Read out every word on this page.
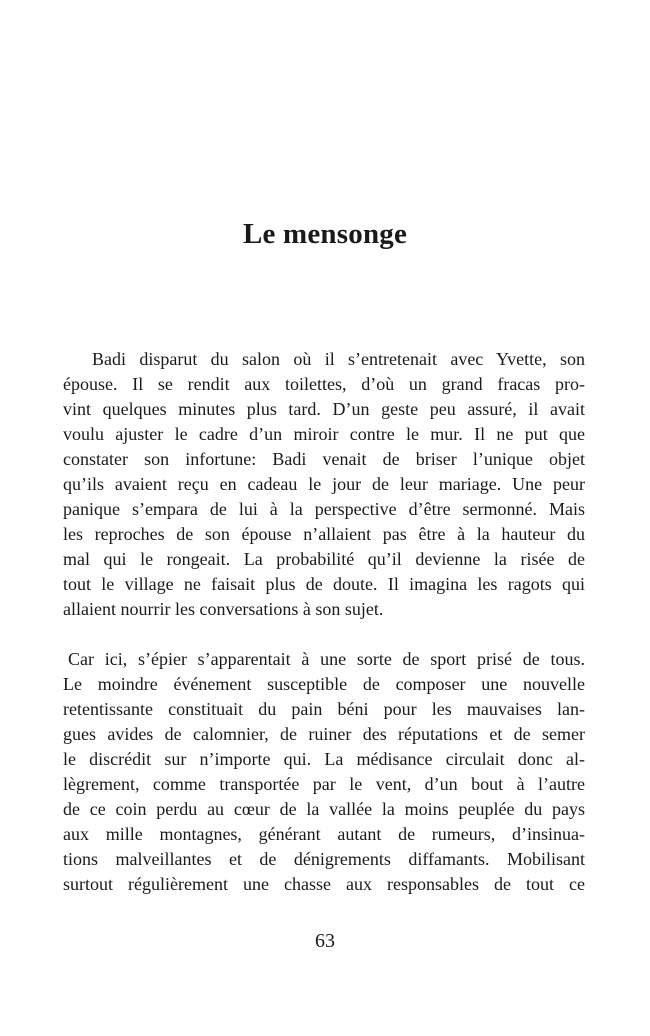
Le mensonge
Badi disparut du salon où il s’entretenait avec Yvette, son
épouse. Il se rendit aux toilettes, d’où un grand fracas pro-
vint quelques minutes plus tard. D’un geste peu assuré, il avait
voulu ajuster le cadre d’un miroir contre le mur. Il ne put que
constater son infortune: Badi venait de briser l’unique objet
qu’ils avaient reçu en cadeau le jour de leur mariage. Une peur
panique s’empara de lui à la perspective d’être sermonné. Mais
les reproches de son épouse n’allaient pas être à la hauteur du
mal qui le rongeait. La probabilité qu’il devienne la risée de
tout le village ne faisait plus de doute. Il imagina les ragots qui
allaient nourrir les conversations à son sujet.
Car ici, s’épier s’apparentait à une sorte de sport prisé de tous.
Le moindre événement susceptible de composer une nouvelle
retentissante constituait du pain béni pour les mauvaises lan-
gues avides de calomnier, de ruiner des réputations et de semer
le discrédit sur n’importe qui. La médisance circulait donc al-
lègrement, comme transportée par le vent, d’un bout à l’autre
de ce coin perdu au cœur de la vallée la moins peuplée du pays
aux mille montagnes, générant autant de rumeurs, d’insinua-
tions malveillantes et de dénigrements diffamants. Mobilisant
surtout régulièrement une chasse aux responsables de tout ce
63
